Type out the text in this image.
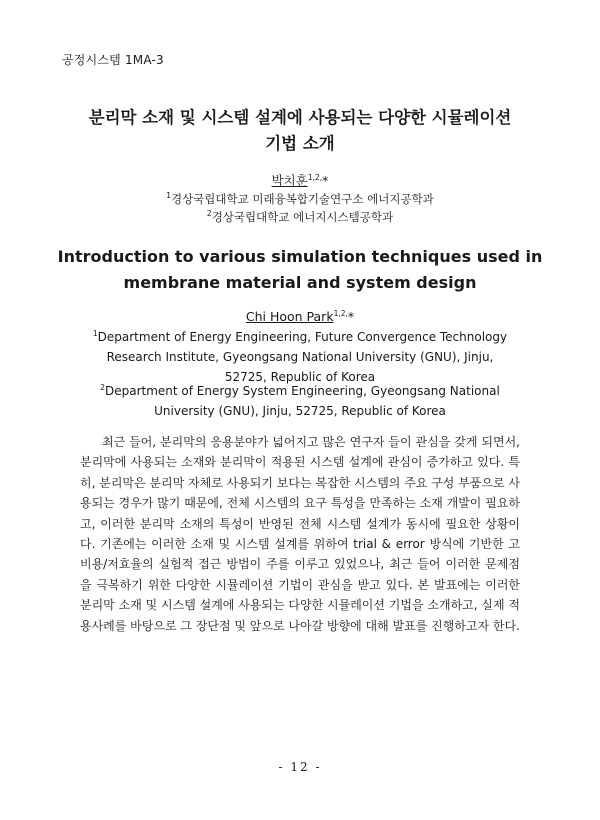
공정시스템 1MA-3
분리막 소재 및 시스템 설계에 사용되는 다양한 시뮬레이션
기법 소개
박치훈$^{1,2,}$*
$^1$경상국립대학교 미래융복합기술연구소 에너지공학과
$^2$경상국립대학교 에너지시스템공학과
Introduction to various simulation techniques used in
membrane material and system design
Chi Hoon Park$^{1,2,}$*
$^1$Department of Energy Engineering, Future Convergence Technology Research Institute, Gyeongsang National University (GNU), Jinju, 52725, Republic of Korea
$^2$Department of Energy System Engineering, Gyeongsang National University (GNU), Jinju, 52725, Republic of Korea
최근 들어, 분리막의 응용분야가 넓어지고 많은 연구자 들이 관심을 갖게 되면서, 분리막에 사용되는 소재와 분리막이 적용된 시스템 설계에 관심이 증가하고 있다. 특히, 분리막은 분리막 자체로 사용되기 보다는 복잡한 시스템의 주요 구성 부품으로 사용되는 경우가 많기 때문에, 전체 시스템의 요구 특성을 만족하는 소재 개발이 필요하고, 이러한 분리막 소재의 특성이 반영된 전체 시스템 설계가 동시에 필요한 상황이다. 기존에는 이러한 소재 및 시스템 설계를 위하여 trial & error 방식에 기반한 고비용/저효율의 실험적 접근 방법이 주를 이루고 있었으나, 최근 들어 이러한 문제점을 극복하기 위한 다양한 시뮬레이션 기법이 관심을 받고 있다. 본 발표에는 이러한 분리막 소재 및 시스템 설계에 사용되는 다양한 시뮬레이션 기법을 소개하고, 실제 적용사례를 바탕으로 그 장단점 및 앞으로 나아갈 방향에 대해 발표를 진행하고자 한다.
- 12 -
